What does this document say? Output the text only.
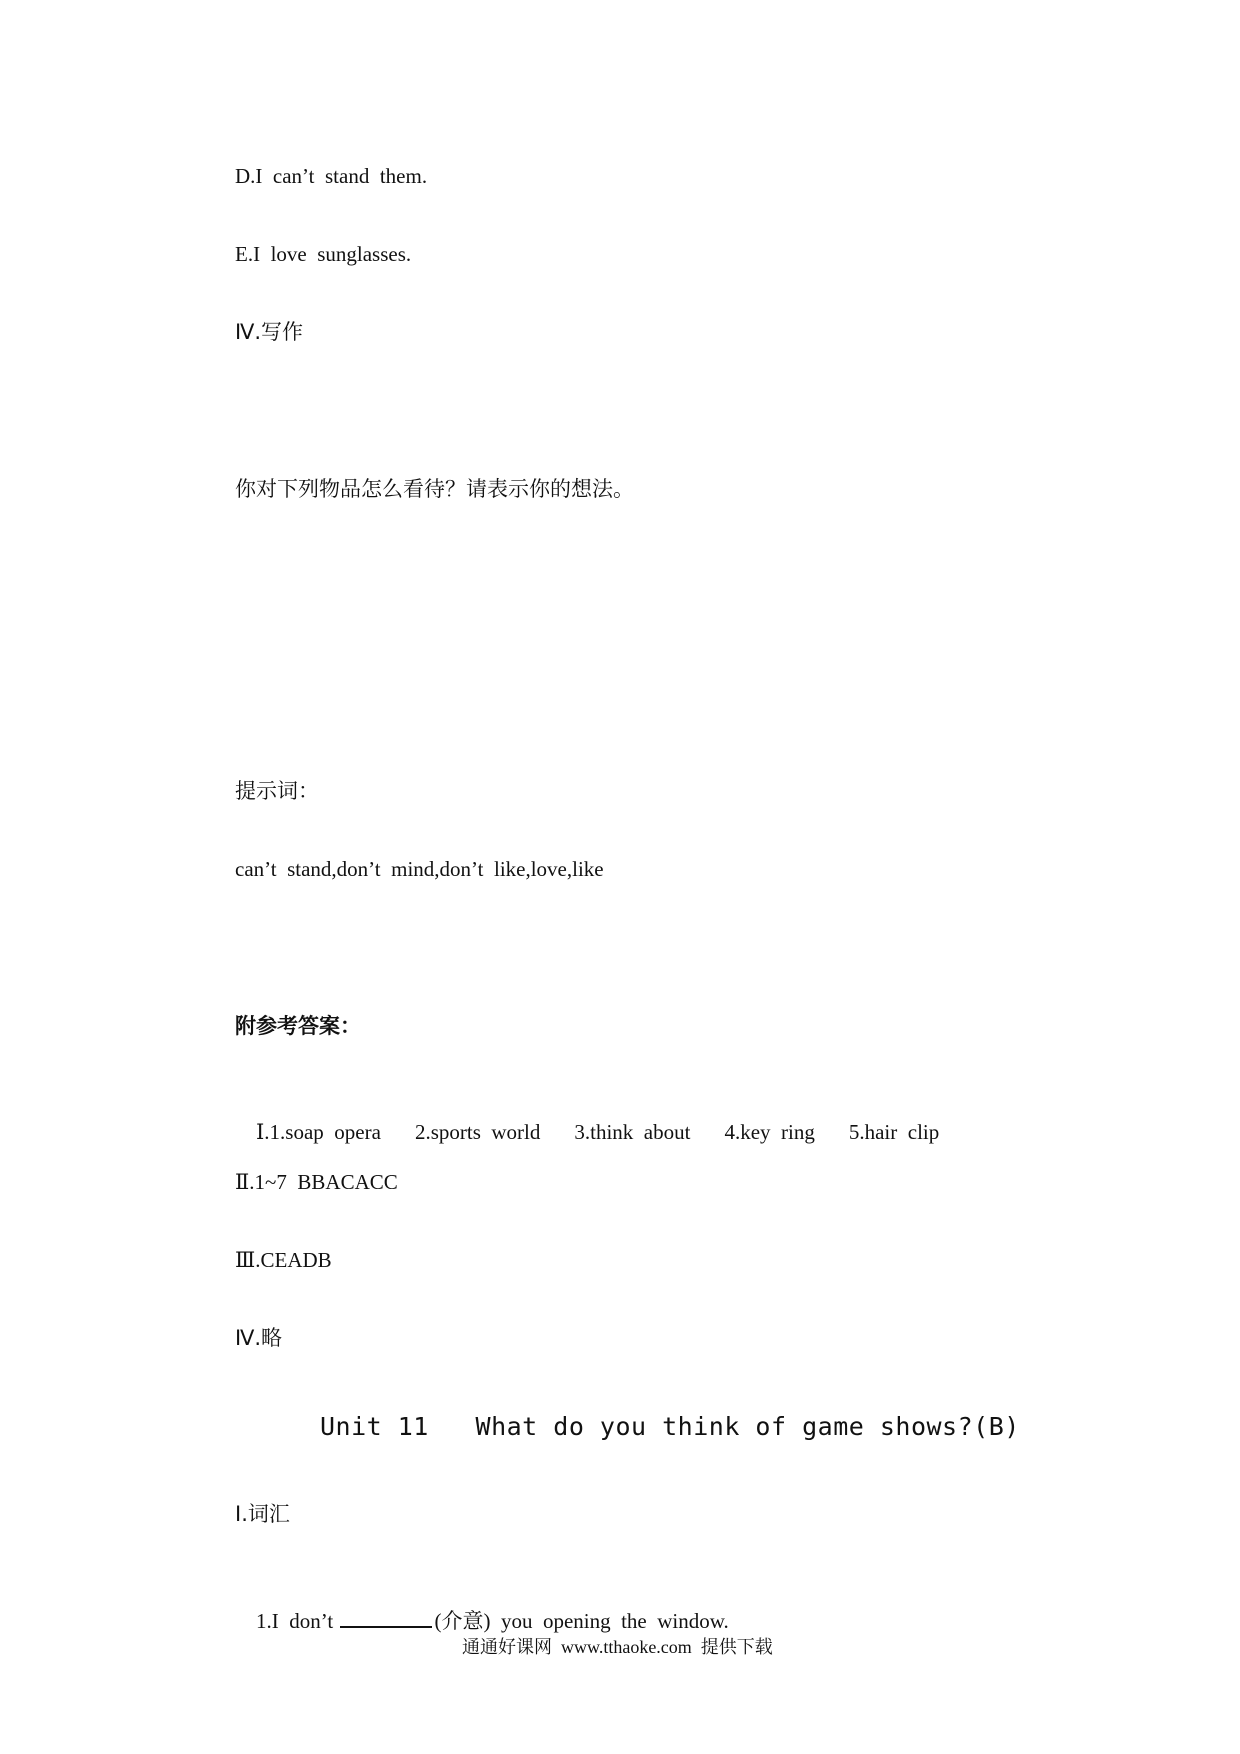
D.I  can’t  stand  them.
E.I  love  sunglasses.
Ⅳ.写作
你对下列物品怎么看待？请表示你的想法。
提示词：
can’t  stand,don’t  mind,don’t  like,love,like
附参考答案：

Ⅰ.1.soap  opera 2.sports  world 3.think  about 4.key  ring 5.hair  clip

Ⅱ.1~7  BBACACC
Ⅲ.CEADB
Ⅳ.略
Unit 11   What do you think of game shows?(B)
Ⅰ.词汇

1.I  don’t	(介意)  you  opening  the  window.

通通好课网  www.tthaoke.com  提供下载
